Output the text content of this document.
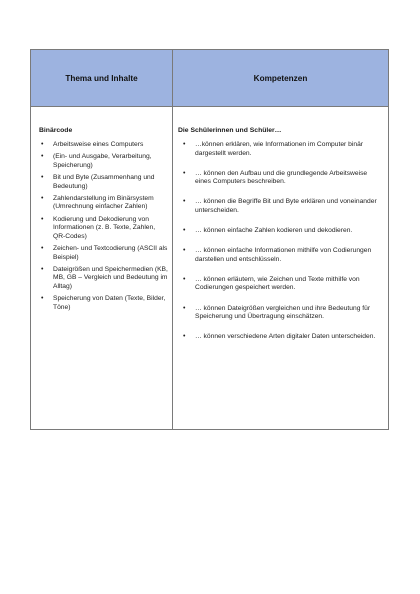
Thema und Inhalte	Kompetenzen
Binärcode
• Arbeitsweise eines Computers
• (Ein- und Ausgabe, Verarbeitung, Speicherung)
• Bit und Byte (Zusammenhang und Bedeutung)
• Zahlendarstellung im Binärsystem (Umrechnung einfacher Zahlen)
• Kodierung und Dekodierung von Informationen (z. B. Texte, Zahlen, QR-Codes)
• Zeichen- und Textcodierung (ASCII als Beispiel)
• Dateigrößen und Speichermedien (KB, MB, GB – Vergleich und Bedeutung im Alltag)
• Speicherung von Daten (Texte, Bilder, Töne)
Die Schülerinnen und Schüler…
• …können erklären, wie Informationen im Computer binär dargestellt werden.
• … können den Aufbau und die grundlegende Arbeitsweise eines Computers beschreiben.
• … können die Begriffe Bit und Byte erklären und voneinander unterscheiden.
• … können einfache Zahlen kodieren und dekodieren.
• … können einfache Informationen mithilfe von Codierungen darstellen und entschlüsseln.
• … können erläutern, wie Zeichen und Texte mithilfe von Codierungen gespeichert werden.
• … können Dateigrößen vergleichen und ihre Bedeutung für Speicherung und Übertragung einschätzen.
• … können verschiedene Arten digitaler Daten unterscheiden.
